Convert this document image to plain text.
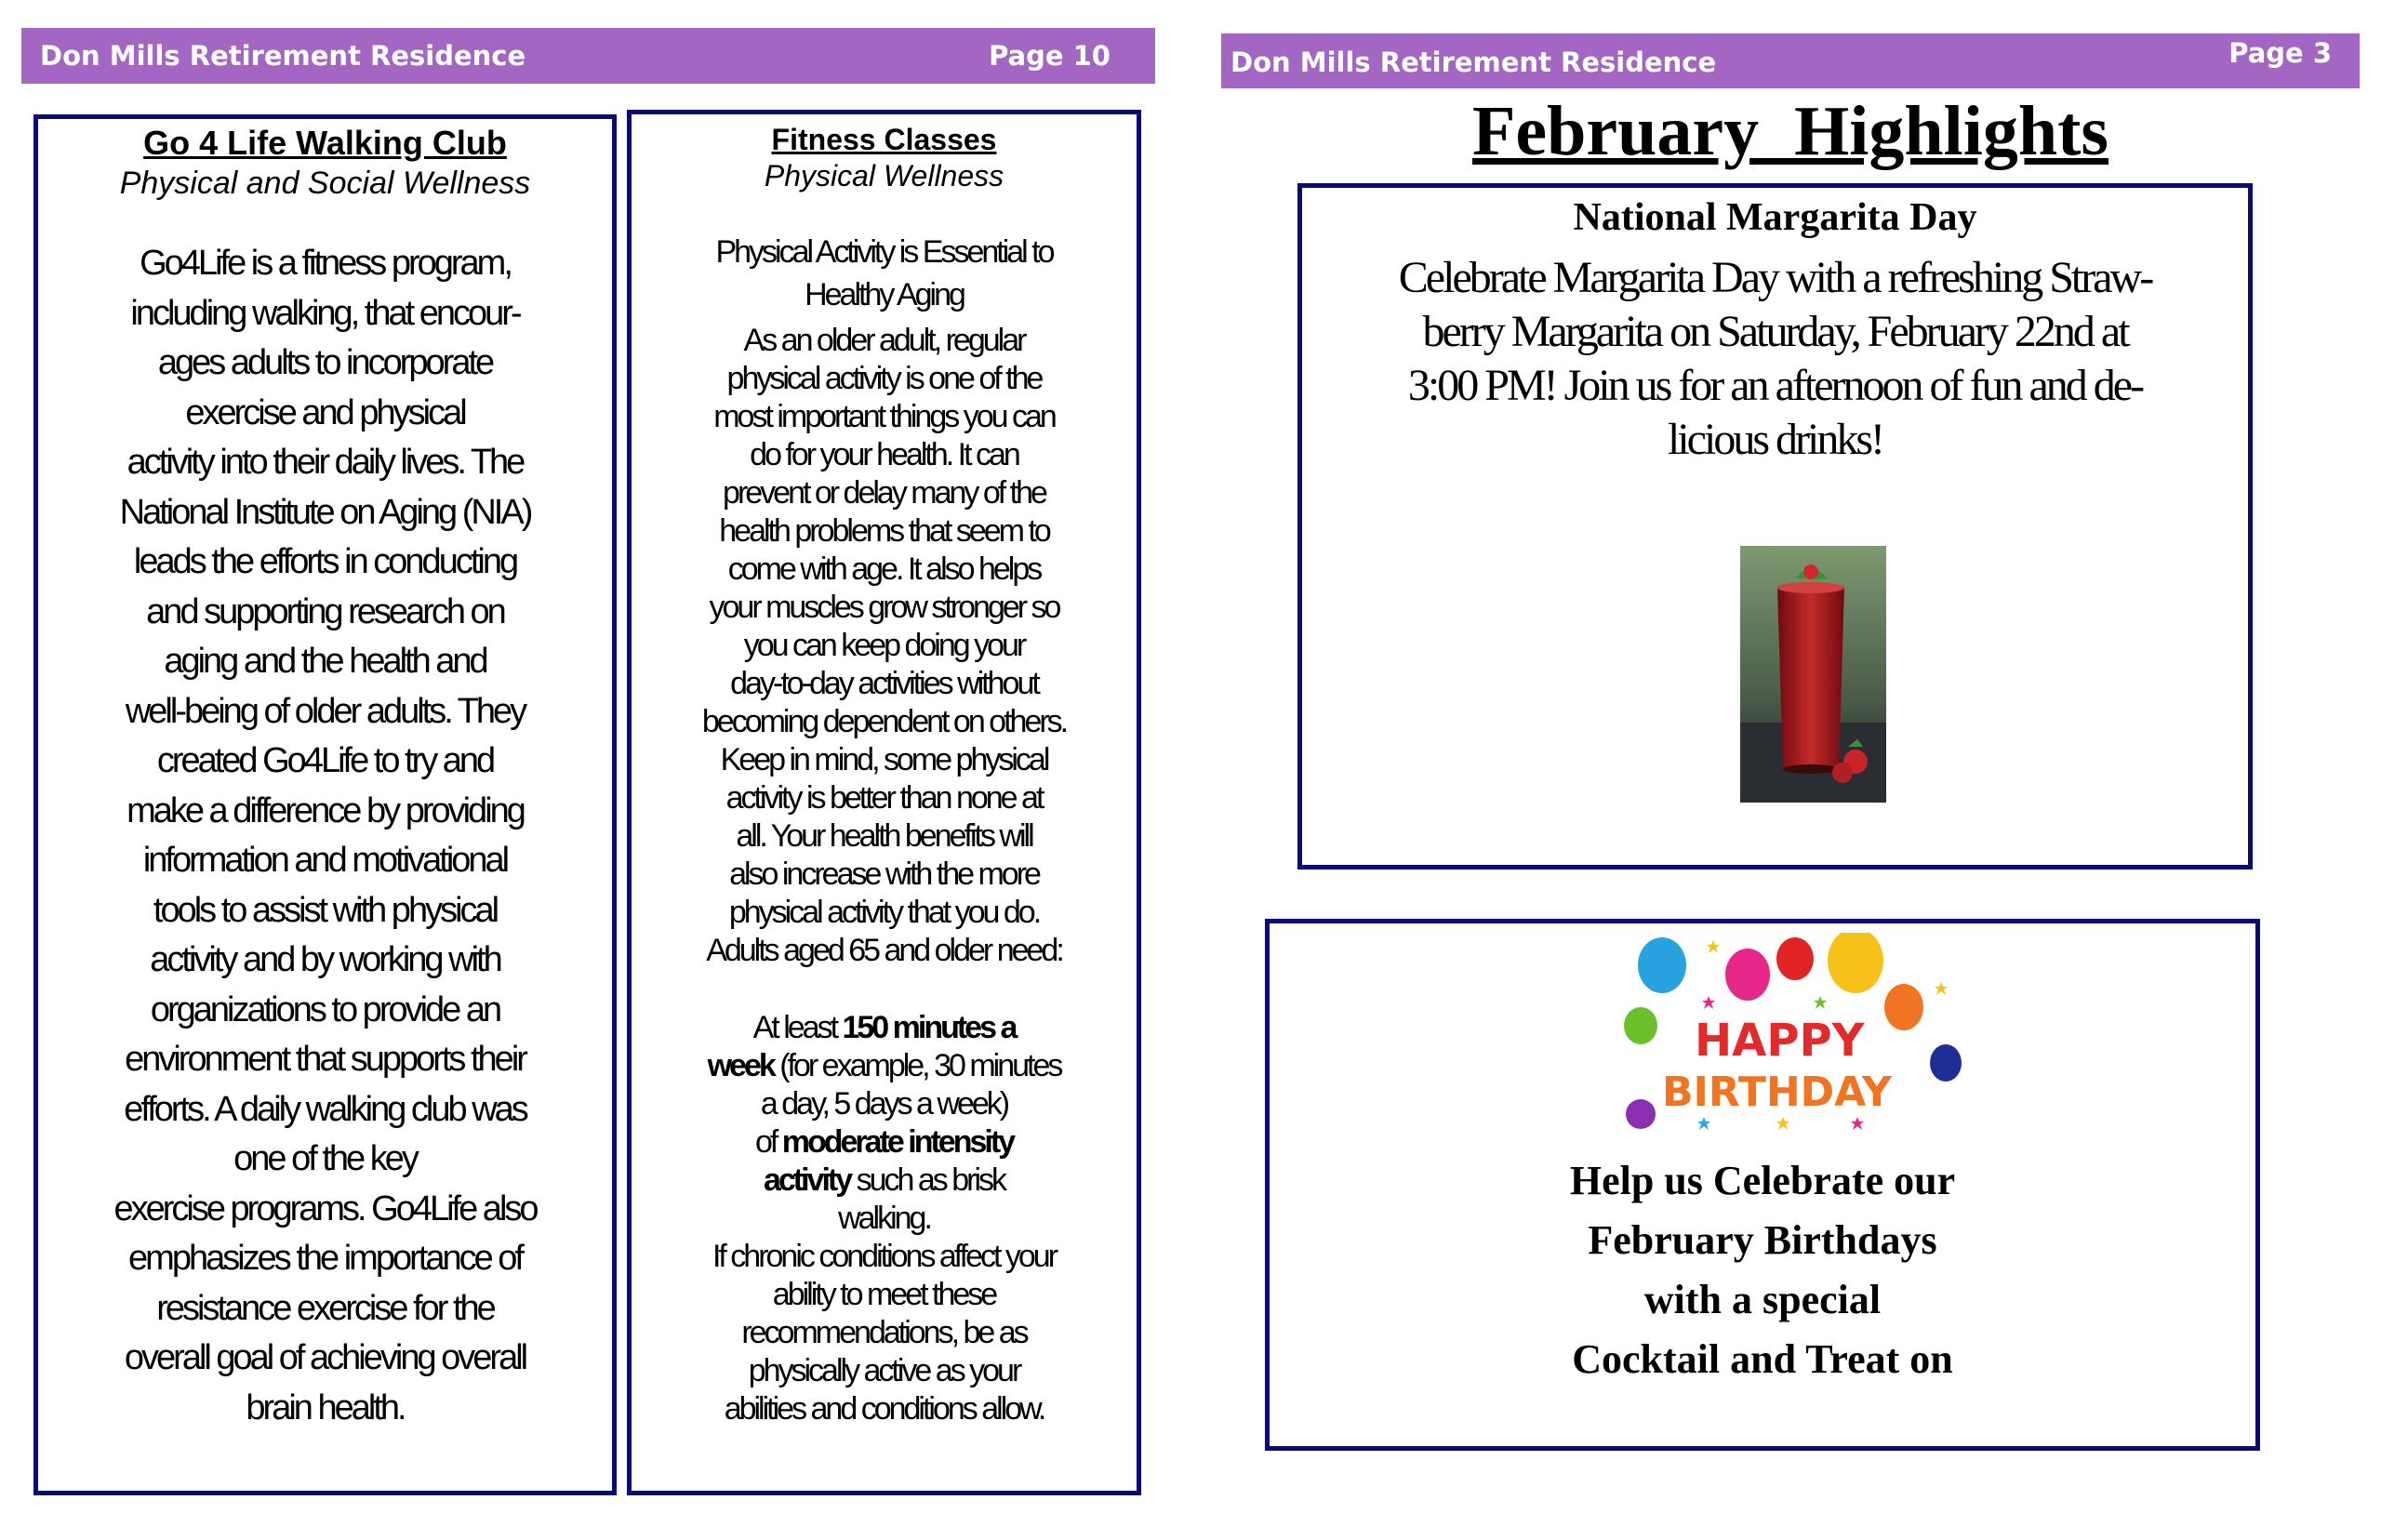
Don Mills Retirement Residence	Page 10
Go 4 Life Walking Club
Physical and Social Wellness
Go4Life is a fitness program,
including walking, that encour-
ages adults to incorporate
exercise and physical
activity into their daily lives. The
National Institute on Aging (NIA)
leads the efforts in conducting
and supporting research on
aging and the health and
well-being of older adults. They
created Go4Life to try and
make a difference by providing
information and motivational
tools to assist with physical
activity and by working with
organizations to provide an
environment that supports their
efforts. A daily walking club was
one of the key
exercise programs. Go4Life also
emphasizes the importance of
resistance exercise for the
overall goal of achieving overall
brain health.
Fitness Classes
Physical Wellness
Physical Activity is Essential to
Healthy Aging
As an older adult, regular
physical activity is one of the
most important things you can
do for your health. It can
prevent or delay many of the
health problems that seem to
come with age. It also helps
your muscles grow stronger so
you can keep doing your
day-to-day activities without
becoming dependent on others.
Keep in mind, some physical
activity is better than none at
all. Your health benefits will
also increase with the more
physical activity that you do.
Adults aged 65 and older need:
At least 150 minutes a
week (for example, 30 minutes
a day, 5 days a week)
of moderate intensity
activity such as brisk
walking.
If chronic conditions affect your
ability to meet these
recommendations, be as
physically active as your
abilities and conditions allow.
Don Mills Retirement Residence	Page 3
February  Highlights
National Margarita Day
Celebrate Margarita Day with a refreshing Straw-
berry Margarita on Saturday, February 22nd at
3:00 PM! Join us for an afternoon of fun and de-
licious drinks!
HAPPY
BIRTHDAY
Help us Celebrate our
February Birthdays
with a special
Cocktail and Treat on
